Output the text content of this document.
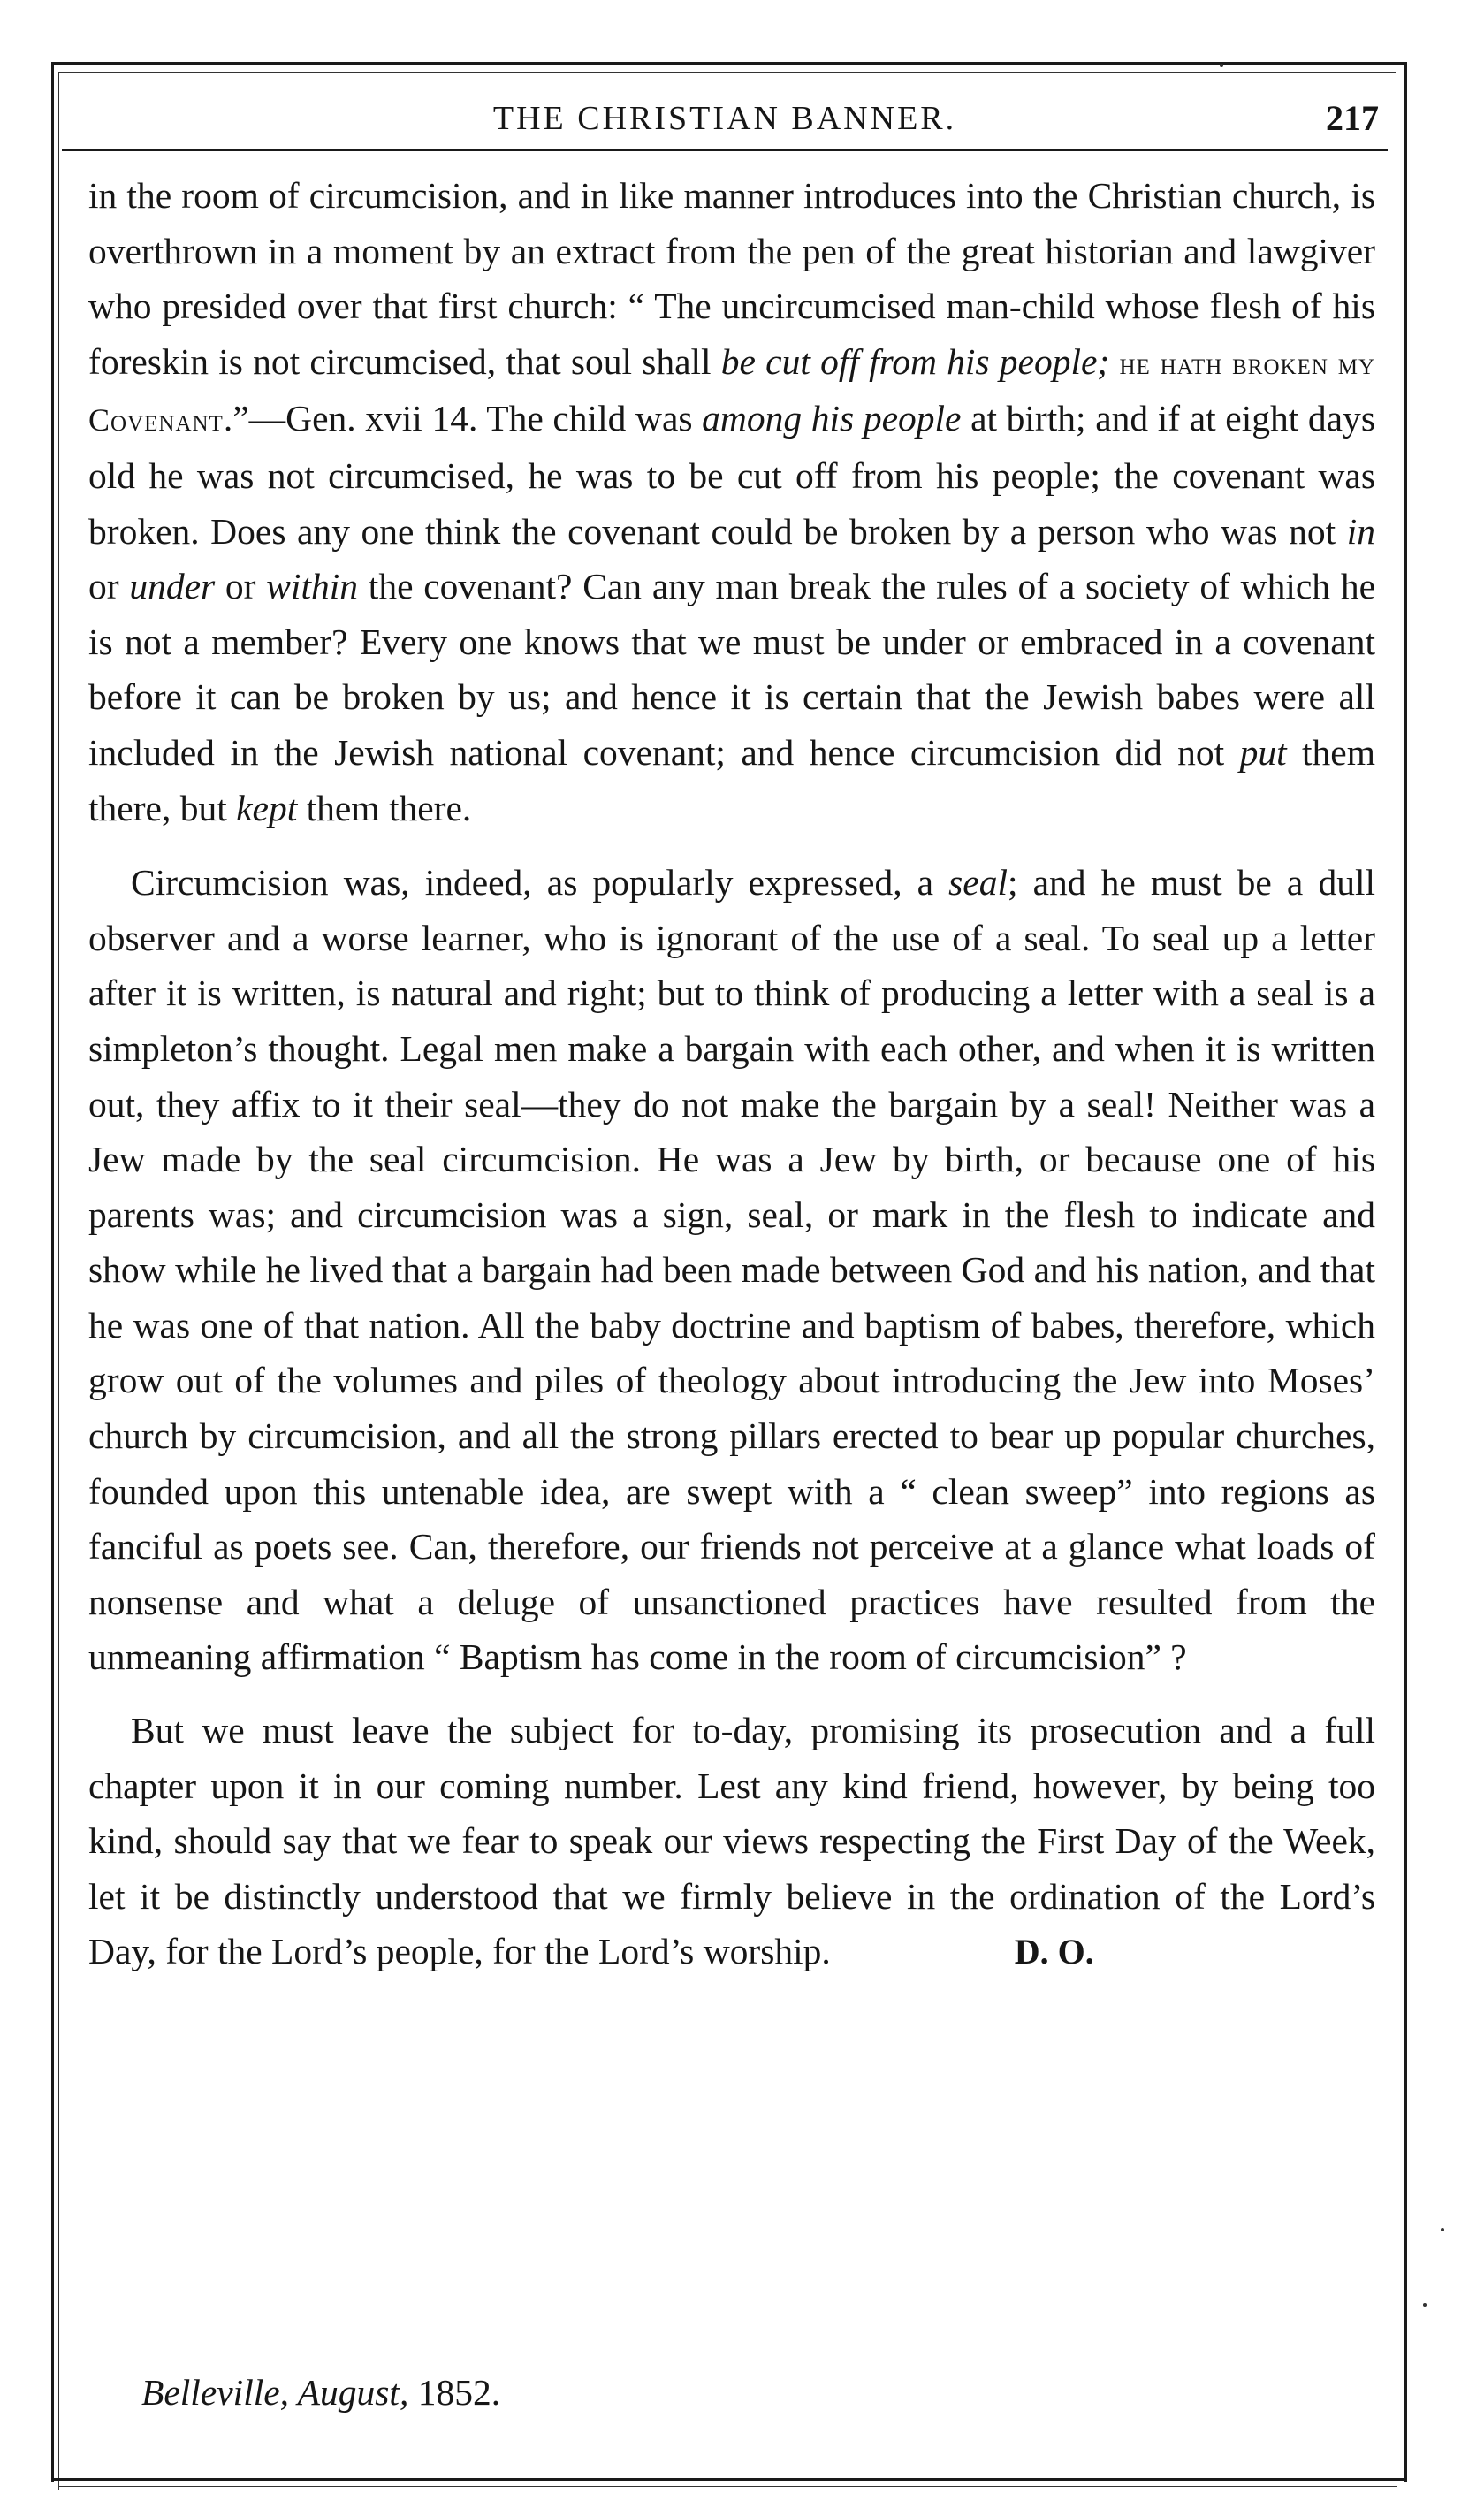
THE CHRISTIAN BANNER.	217

in the room of circumcision, and in like manner introduces into the Christian church, is overthrown in a moment by an extract from the pen of the great historian and lawgiver who presided over that first church: “ The uncircumcised man-child whose flesh of his foreskin is not circumcised, that soul shall be cut off from his people; he hath broken my Covenant.”—Gen. xvii 14. The child was among his people at birth; and if at eight days old he was not circumcised, he was to be cut off from his people; the covenant was broken. Does any one think the covenant could be broken by a person who was not in or under or within the covenant? Can any man break the rules of a society of which he is not a member? Every one knows that we must be under or embraced in a covenant before it can be broken by us; and hence it is certain that the Jewish babes were all included in the Jewish national covenant; and hence circumcision did not put them there, but kept them there.

Circumcision was, indeed, as popularly expressed, a seal; and he must be a dull observer and a worse learner, who is ignorant of the use of a seal. To seal up a letter after it is written, is natural and right; but to think of producing a letter with a seal is a simpleton’s thought. Legal men make a bargain with each other, and when it is written out, they affix to it their seal—they do not make the bargain by a seal! Neither was a Jew made by the seal circumcision. He was a Jew by birth, or because one of his parents was; and circumcision was a sign, seal, or mark in the flesh to indicate and show while he lived that a bargain had been made between God and his nation, and that he was one of that nation. All the baby doctrine and baptism of babes, therefore, which grow out of the volumes and piles of theology about introducing the Jew into Moses’ church by circumcision, and all the strong pillars erected to bear up popular churches, founded upon this untenable idea, are swept with a “ clean sweep” into regions as fanciful as poets see. Can, therefore, our friends not perceive at a glance what loads of nonsense and what a deluge of unsanctioned practices have resulted from the unmeaning affirmation “ Baptism has come in the room of circumcision” ?

But we must leave the subject for to-day, promising its prosecution and a full chapter upon it in our coming number. Lest any kind friend, however, by being too kind, should say that we fear to speak our views respecting the First Day of the Week, let it be distinctly understood that we firmly believe in the ordination of the Lord’s Day, for the Lord’s people, for the Lord’s worship.	D. O.

Belleville, August, 1852.
